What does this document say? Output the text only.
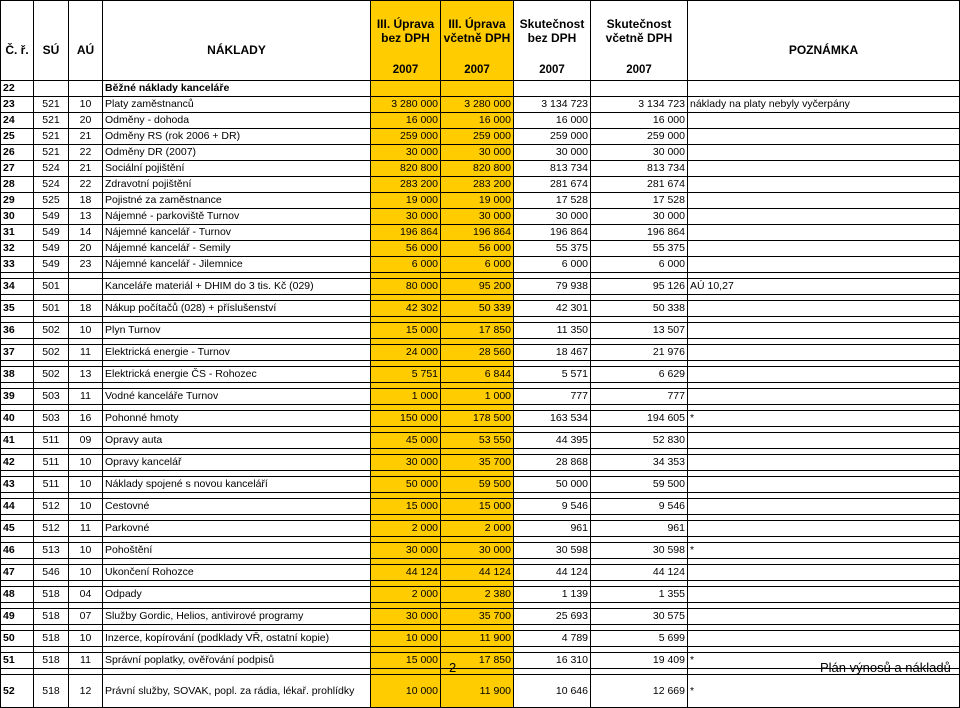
Č. ř.	SÚ	AÚ	NÁKLADY	III. Úprava bez DPH	III. Úprava včetně DPH	Skutečnost bez DPH	Skutečnost včetně DPH	POZNÁMKA
				2007	2007	2007	2007	
22			Běžné náklady kanceláře					
23	521	10	Platy zaměstnanců	3 280 000	3 280 000	3 134 723	3 134 723	náklady na platy nebyly vyčerpány
24	521	20	Odměny - dohoda	16 000	16 000	16 000	16 000	
25	521	21	Odměny RS (rok 2006 + DR)	259 000	259 000	259 000	259 000	
26	521	22	Odměny DR (2007)	30 000	30 000	30 000	30 000	
27	524	21	Sociální pojištění	820 800	820 800	813 734	813 734	
28	524	22	Zdravotní pojištění	283 200	283 200	281 674	281 674	
29	525	18	Pojistné za zaměstnance	19 000	19 000	17 528	17 528	
30	549	13	Nájemné - parkoviště Turnov	30 000	30 000	30 000	30 000	
31	549	14	Nájemné kancelář - Turnov	196 864	196 864	196 864	196 864	
32	549	20	Nájemné kancelář - Semily	56 000	56 000	55 375	55 375	
33	549	23	Nájemné kancelář - Jilemnice	6 000	6 000	6 000	6 000	

34	501		Kanceláře materiál + DHIM do 3 tis. Kč (029)	80 000	95 200	79 938	95 126	AÚ 10,27

35	501	18	Nákup počítačů (028) + příslušenství	42 302	50 339	42 301	50 338	

36	502	10	Plyn Turnov	15 000	17 850	11 350	13 507	

37	502	11	Elektrická energie - Turnov	24 000	28 560	18 467	21 976	

38	502	13	Elektrická energie ČS - Rohozec	5 751	6 844	5 571	6 629	

39	503	11	Vodné kanceláře Turnov	1 000	1 000	777	777	

40	503	16	Pohonné hmoty	150 000	178 500	163 534	194 605	*

41	511	09	Opravy auta	45 000	53 550	44 395	52 830	

42	511	10	Opravy kancelář	30 000	35 700	28 868	34 353	

43	511	10	Náklady spojené s novou kanceláří	50 000	59 500	50 000	59 500	

44	512	10	Cestovné	15 000	15 000	9 546	9 546	

45	512	11	Parkovné	2 000	2 000	961	961	

46	513	10	Pohoštění	30 000	30 000	30 598	30 598	*

47	546	10	Ukončení Rohozce	44 124	44 124	44 124	44 124	

48	518	04	Odpady	2 000	2 380	1 139	1 355	

49	518	07	Služby Gordic, Helios, antivirové programy	30 000	35 700	25 693	30 575	

50	518	10	Inzerce, kopírování (podklady VŘ, ostatní kopie)	10 000	11 900	4 789	5 699	

51	518	11	Správní poplatky, ověřování podpisů	15 000	17 850	16 310	19 409	*

52	518	12	Právní služby, SOVAK, popl. za rádia, lékař. prohlídky	10 000	11 900	10 646	12 669	*
2	Plán výnosů a nákladů
